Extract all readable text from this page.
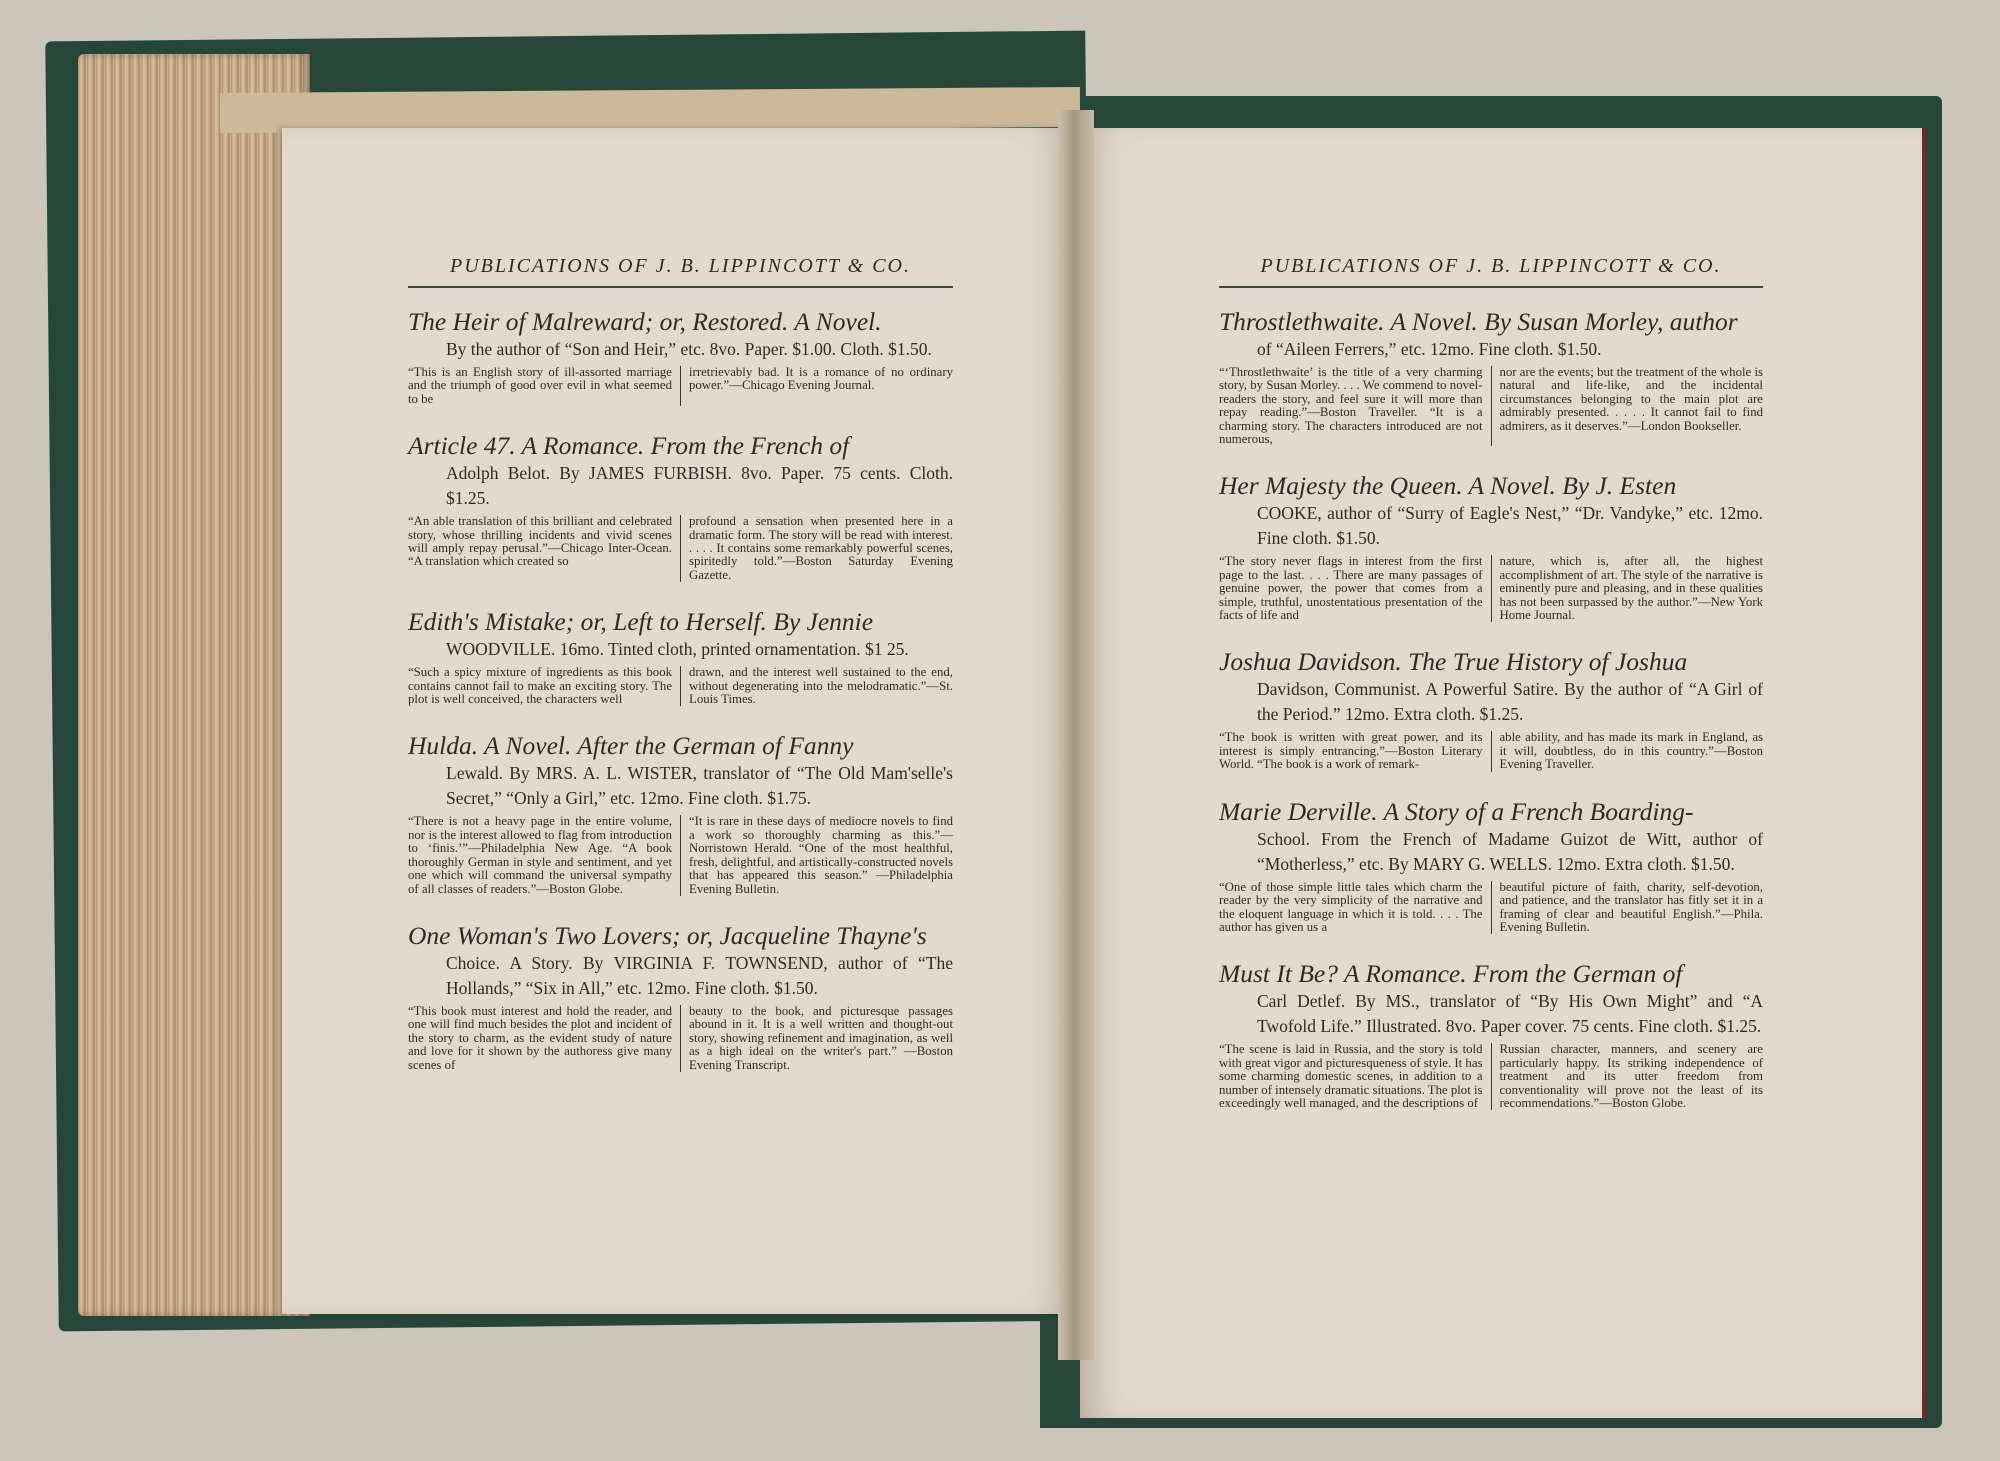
PUBLICATIONS OF J. B. LIPPINCOTT & CO.
The Heir of Malreward; or, Restored. A Novel.
By the author of “Son and Heir,” etc. 8vo. Paper. $1.00. Cloth. $1.50.
“This is an English story of ill-assorted marriage and the triumph of good over evil in what seemed to be
irretrievably bad. It is a romance of no ordinary power.”—Chicago Evening Journal.
Article 47. A Romance. From the French of
Adolph Belot. By JAMES FURBISH. 8vo. Paper. 75 cents. Cloth. $1.25.
“An able translation of this brilliant and celebrated story, whose thrilling incidents and vivid scenes will amply repay perusal.”—Chicago Inter-Ocean. “A translation which created so
profound a sensation when presented here in a dramatic form. The story will be read with interest. . . . . It contains some remarkably powerful scenes, spiritedly told.”—Boston Saturday Evening Gazette.
Edith's Mistake; or, Left to Herself. By Jennie
WOODVILLE. 16mo. Tinted cloth, printed ornamentation. $1 25.
“Such a spicy mixture of ingredients as this book contains cannot fail to make an exciting story. The plot is well conceived, the characters well
drawn, and the interest well sustained to the end, without degenerating into the melodramatic.”—St. Louis Times.
Hulda. A Novel. After the German of Fanny
Lewald. By MRS. A. L. WISTER, translator of “The Old Mam'selle's Secret,” “Only a Girl,” etc. 12mo. Fine cloth. $1.75.
“There is not a heavy page in the entire volume, nor is the interest allowed to flag from introduction to ‘finis.’”—Philadelphia New Age. “A book thoroughly German in style and sentiment, and yet one which will command the universal sympathy of all classes of readers.”—Boston Globe.
“It is rare in these days of mediocre novels to find a work so thoroughly charming as this.”—Norristown Herald. “One of the most healthful, fresh, delightful, and artistically-constructed novels that has appeared this season.” —Philadelphia Evening Bulletin.
One Woman's Two Lovers; or, Jacqueline Thayne's
Choice. A Story. By VIRGINIA F. TOWNSEND, author of “The Hollands,” “Six in All,” etc. 12mo. Fine cloth. $1.50.
“This book must interest and hold the reader, and one will find much besides the plot and incident of the story to charm, as the evident study of nature and love for it shown by the authoress give many scenes of
beauty to the book, and picturesque passages abound in it. It is a well written and thought-out story, showing refinement and imagination, as well as a high ideal on the writer's part.” —Boston Evening Transcript.
PUBLICATIONS OF J. B. LIPPINCOTT & CO.
Throstlethwaite. A Novel. By Susan Morley, author
of “Aileen Ferrers,” etc. 12mo. Fine cloth. $1.50.
“‘Throstlethwaite’ is the title of a very charming story, by Susan Morley. . . . We commend to novel-readers the story, and feel sure it will more than repay reading.”—Boston Traveller. “It is a charming story. The characters introduced are not numerous,
nor are the events; but the treatment of the whole is natural and life-like, and the incidental circumstances belonging to the main plot are admirably presented. . . . . It cannot fail to find admirers, as it deserves.”—London Bookseller.
Her Majesty the Queen. A Novel. By J. Esten
COOKE, author of “Surry of Eagle's Nest,” “Dr. Vandyke,” etc. 12mo. Fine cloth. $1.50.
“The story never flags in interest from the first page to the last. . . . There are many passages of genuine power, the power that comes from a simple, truthful, unostentatious presentation of the facts of life and
nature, which is, after all, the highest accomplishment of art. The style of the narrative is eminently pure and pleasing, and in these qualities has not been surpassed by the author.”—New York Home Journal.
Joshua Davidson. The True History of Joshua
Davidson, Communist. A Powerful Satire. By the author of “A Girl of the Period.” 12mo. Extra cloth. $1.25.
“The book is written with great power, and its interest is simply entrancing.”—Boston Literary World. “The book is a work of remark-
able ability, and has made its mark in England, as it will, doubtless, do in this country.”—Boston Evening Traveller.
Marie Derville. A Story of a French Boarding-
School. From the French of Madame Guizot de Witt, author of “Motherless,” etc. By MARY G. WELLS. 12mo. Extra cloth. $1.50.
“One of those simple little tales which charm the reader by the very simplicity of the narrative and the eloquent language in which it is told. . . . The author has given us a
beautiful picture of faith, charity, self-devotion, and patience, and the translator has fitly set it in a framing of clear and beautiful English.”—Phila. Evening Bulletin.
Must It Be? A Romance. From the German of
Carl Detlef. By MS., translator of “By His Own Might” and “A Twofold Life.” Illustrated. 8vo. Paper cover. 75 cents. Fine cloth. $1.25.
“The scene is laid in Russia, and the story is told with great vigor and picturesqueness of style. It has some charming domestic scenes, in addition to a number of intensely dramatic situations. The plot is exceedingly well managed, and the descriptions of
Russian character, manners, and scenery are particularly happy. Its striking independence of treatment and its utter freedom from conventionality will prove not the least of its recommendations.”—Boston Globe.
